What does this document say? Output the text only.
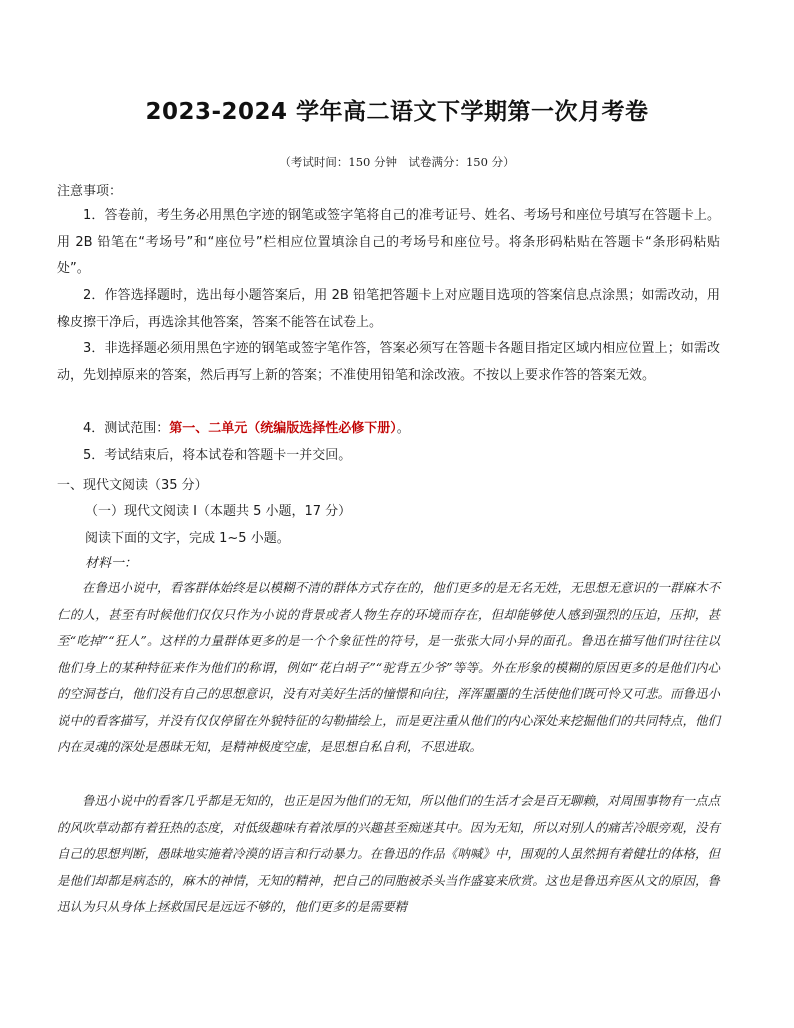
2023-2024 学年高二语文下学期第一次月考卷
（考试时间：150 分钟　试卷满分：150 分）
注意事项：

1．答卷前，考生务必用黑色字迹的钢笔或签字笔将自己的准考证号、姓名、考场号和座位号填写在答题卡上。用 2B 铅笔在“考场号”和“座位号”栏相应位置填涂自己的考场号和座位号。将条形码粘贴在答题卡“条形码粘贴处”。

2．作答选择题时，选出每小题答案后，用 2B 铅笔把答题卡上对应题目选项的答案信息点涂黑；如需改动，用橡皮擦干净后，再选涂其他答案，答案不能答在试卷上。

3．非选择题必须用黑色字迹的钢笔或签字笔作答，答案必须写在答题卡各题目指定区域内相应位置上；如需改动，先划掉原来的答案，然后再写上新的答案；不准使用铅笔和涂改液。不按以上要求作答的答案无效。

4．测试范围：第一、二单元（统编版选择性必修下册）。

5．考试结束后，将本试卷和答题卡一并交回。

一、现代文阅读（35 分）
（一）现代文阅读 I（本题共 5 小题，17 分）
阅读下面的文字，完成 1~5 小题。
材料一：

在鲁迅小说中，看客群体始终是以模糊不清的群体方式存在的，他们更多的是无名无姓，无思想无意识的一群麻木不仁的人，甚至有时候他们仅仅只作为小说的背景或者人物生存的环境而存在，但却能够使人感到强烈的压迫，压抑，甚至“吃掉”“狂人”。这样的力量群体更多的是一个个象征性的符号，是一张张大同小异的面孔。鲁迅在描写他们时往往以他们身上的某种特征来作为他们的称谓，例如“花白胡子”“驼背五少爷”等等。外在形象的模糊的原因更多的是他们内心的空洞苍白，他们没有自己的思想意识，没有对美好生活的憧憬和向往，浑浑噩噩的生活使他们既可怜又可悲。而鲁迅小说中的看客描写，并没有仅仅停留在外貌特征的勾勒描绘上，而是更注重从他们的内心深处来挖掘他们的共同特点，他们内在灵魂的深处是愚昧无知，是精神极度空虚，是思想自私自利，不思进取。

鲁迅小说中的看客几乎都是无知的，也正是因为他们的无知，所以他们的生活才会是百无聊赖，对周围事物有一点点的风吹草动都有着狂热的态度，对低级趣味有着浓厚的兴趣甚至痴迷其中。因为无知，所以对别人的痛苦冷眼旁观，没有自己的思想判断，愚昧地实施着冷漠的语言和行动暴力。在鲁迅的作品《呐喊》中，围观的人虽然拥有着健壮的体格，但是他们却都是病态的，麻木的神情，无知的精神，把自己的同胞被杀头当作盛宴来欣赏。这也是鲁迅弃医从文的原因，鲁迅认为只从身体上拯救国民是远远不够的，他们更多的是需要精
